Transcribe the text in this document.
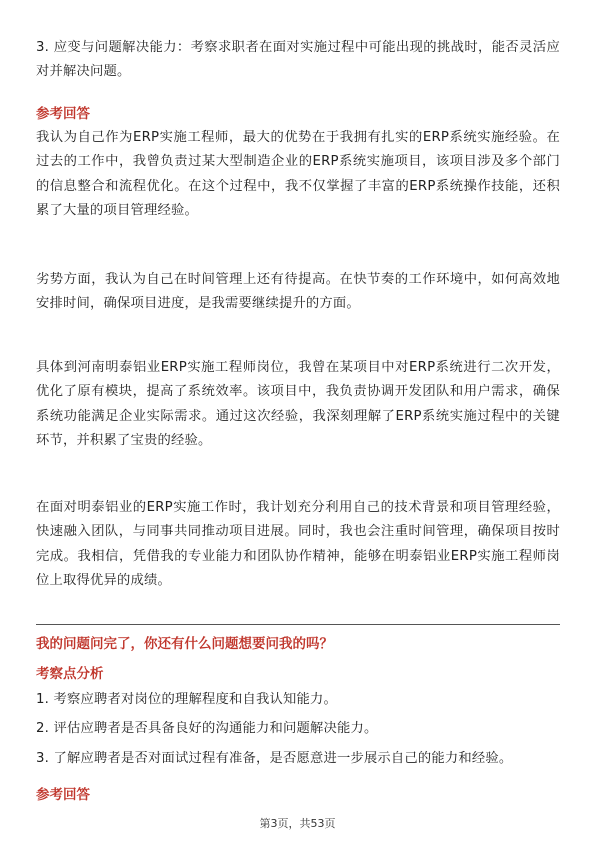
3. 应变与问题解决能力：考察求职者在面对实施过程中可能出现的挑战时，能否灵活应对并解决问题。

参考回答

我认为自己作为ERP实施工程师，最大的优势在于我拥有扎实的ERP系统实施经验。在过去的工作中，我曾负责过某大型制造企业的ERP系统实施项目，该项目涉及多个部门的信息整合和流程优化。在这个过程中，我不仅掌握了丰富的ERP系统操作技能，还积累了大量的项目管理经验。

劣势方面，我认为自己在时间管理上还有待提高。在快节奏的工作环境中，如何高效地安排时间，确保项目进度，是我需要继续提升的方面。

具体到河南明泰铝业ERP实施工程师岗位，我曾在某项目中对ERP系统进行二次开发，优化了原有模块，提高了系统效率。该项目中，我负责协调开发团队和用户需求，确保系统功能满足企业实际需求。通过这次经验，我深刻理解了ERP系统实施过程中的关键环节，并积累了宝贵的经验。

在面对明泰铝业的ERP实施工作时，我计划充分利用自己的技术背景和项目管理经验，快速融入团队，与同事共同推动项目进展。同时，我也会注重时间管理，确保项目按时完成。我相信，凭借我的专业能力和团队协作精神，能够在明泰铝业ERP实施工程师岗位上取得优异的成绩。

我的问题问完了，你还有什么问题想要问我的吗？

考察点分析

1. 考察应聘者对岗位的理解程度和自我认知能力。

2. 评估应聘者是否具备良好的沟通能力和问题解决能力。

3. 了解应聘者是否对面试过程有准备，是否愿意进一步展示自己的能力和经验。

参考回答

第3页，共53页
